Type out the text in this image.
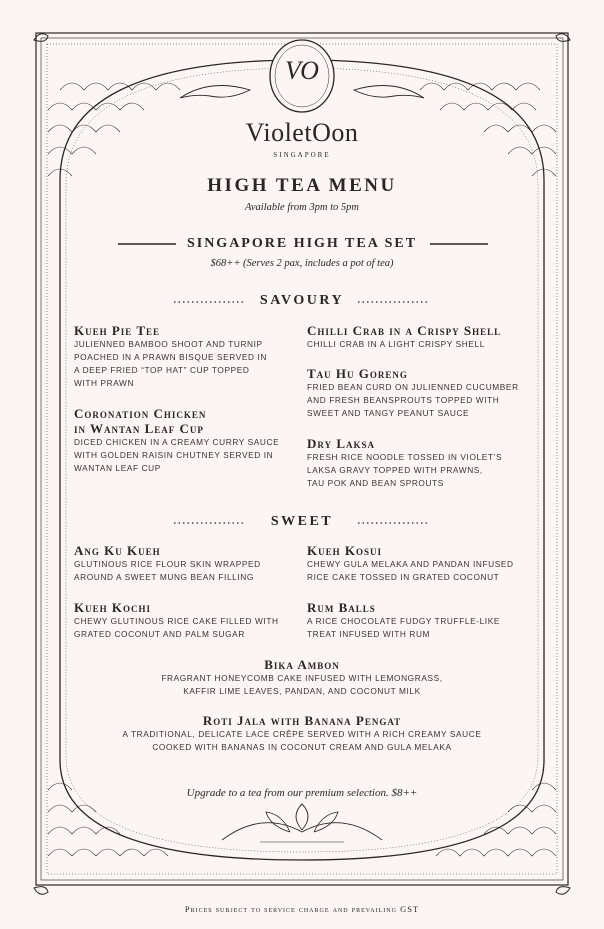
VO
VioletOon
SINGAPORE
HIGH TEA MENU
Available from 3pm to 5pm
SINGAPORE HIGH TEA SET
$68++ (Serves 2 pax, includes a pot of tea)
SAVOURY
Kueh Pie Tee
JULIENNED BAMBOO SHOOT AND TURNIP
POACHED IN A PRAWN BISQUE SERVED IN
A DEEP FRIED “TOP HAT” CUP TOPPED
WITH PRAWN
Coronation Chicken
in Wantan Leaf Cup
DICED CHICKEN IN A CREAMY CURRY SAUCE
WITH GOLDEN RAISIN CHUTNEY SERVED IN
WANTAN LEAF CUP
Chilli Crab in a Crispy Shell
CHILLI CRAB IN A LIGHT CRISPY SHELL
Tau Hu Goreng
FRIED BEAN CURD ON JULIENNED CUCUMBER
AND FRESH BEANSPROUTS TOPPED WITH
SWEET AND TANGY PEANUT SAUCE
Dry Laksa
FRESH RICE NOODLE TOSSED IN VIOLET’S
LAKSA GRAVY TOPPED WITH PRAWNS,
TAU POK AND BEAN SPROUTS
SWEET
Ang Ku Kueh
GLUTINOUS RICE FLOUR SKIN WRAPPED
AROUND A SWEET MUNG BEAN FILLING
Kueh Kochi
CHEWY GLUTINOUS RICE CAKE FILLED WITH
GRATED COCONUT AND PALM SUGAR
Kueh Kosui
CHEWY GULA MELAKA AND PANDAN INFUSED
RICE CAKE TOSSED IN GRATED COCONUT
Rum Balls
A RICE CHOCOLATE FUDGY TRUFFLE-LIKE
TREAT INFUSED WITH RUM
Bika Ambon
FRAGRANT HONEYCOMB CAKE INFUSED WITH LEMONGRASS,
KAFFIR LIME LEAVES, PANDAN, AND COCONUT MILK
Roti Jala with Banana Pengat
A TRADITIONAL, DELICATE LACE CRÊPE SERVED WITH A RICH CREAMY SAUCE
COOKED WITH BANANAS IN COCONUT CREAM AND GULA MELAKA
Upgrade to a tea from our premium selection. $8++
Prices subject to service charge and prevailing GST
